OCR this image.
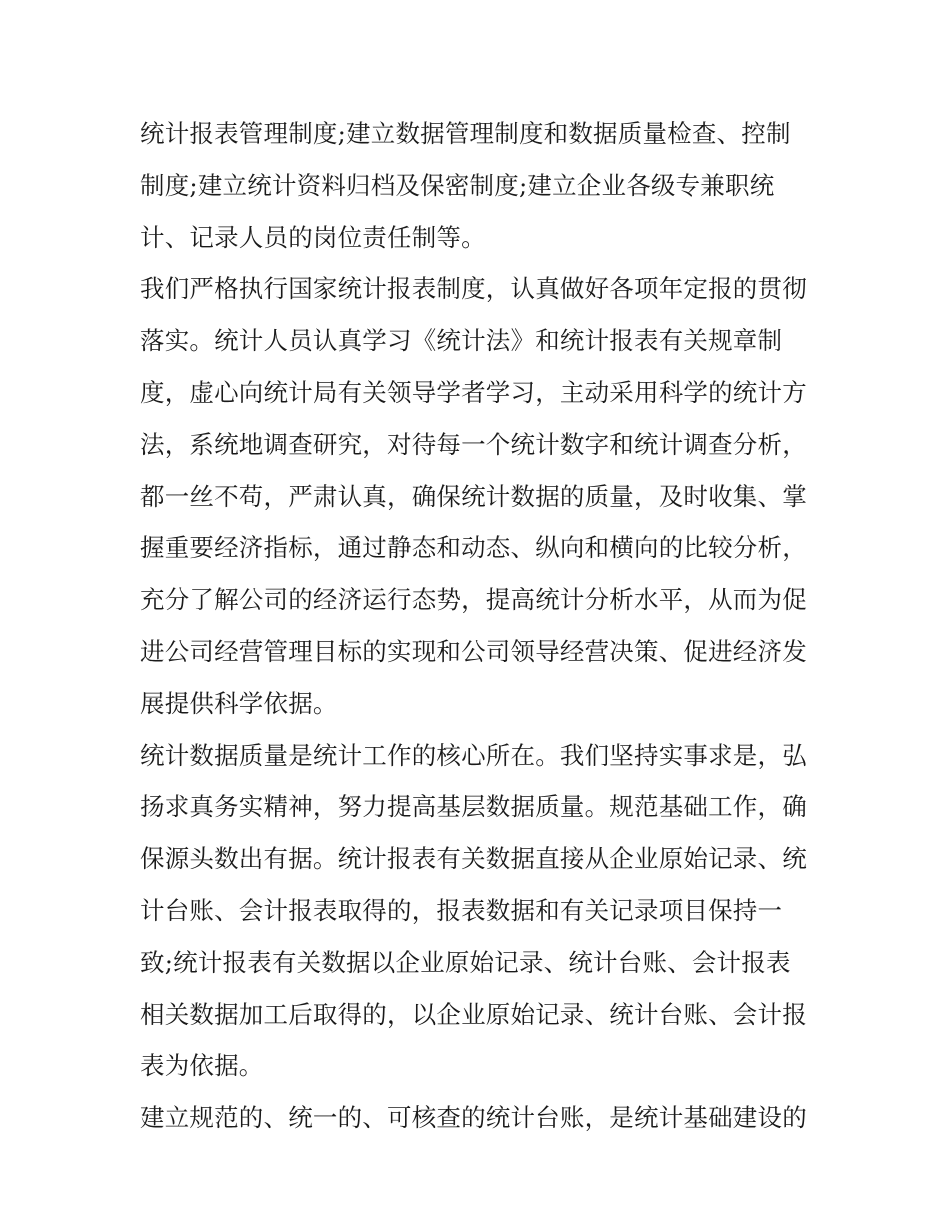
统计报表管理制度;建立数据管理制度和数据质量检查、控制
制度;建立统计资料归档及保密制度;建立企业各级专兼职统
计、记录人员的岗位责任制等。
我们严格执行国家统计报表制度，认真做好各项年定报的贯彻
落实。统计人员认真学习《统计法》和统计报表有关规章制
度，虚心向统计局有关领导学者学习，主动采用科学的统计方
法，系统地调查研究，对待每一个统计数字和统计调查分析，
都一丝不苟，严肃认真，确保统计数据的质量，及时收集、掌
握重要经济指标，通过静态和动态、纵向和横向的比较分析，
充分了解公司的经济运行态势，提高统计分析水平，从而为促
进公司经营管理目标的实现和公司领导经营决策、促进经济发
展提供科学依据。
统计数据质量是统计工作的核心所在。我们坚持实事求是，弘
扬求真务实精神，努力提高基层数据质量。规范基础工作，确
保源头数出有据。统计报表有关数据直接从企业原始记录、统
计台账、会计报表取得的，报表数据和有关记录项目保持一
致;统计报表有关数据以企业原始记录、统计台账、会计报表
相关数据加工后取得的，以企业原始记录、统计台账、会计报
表为依据。
建立规范的、统一的、可核查的统计台账，是统计基础建设的
